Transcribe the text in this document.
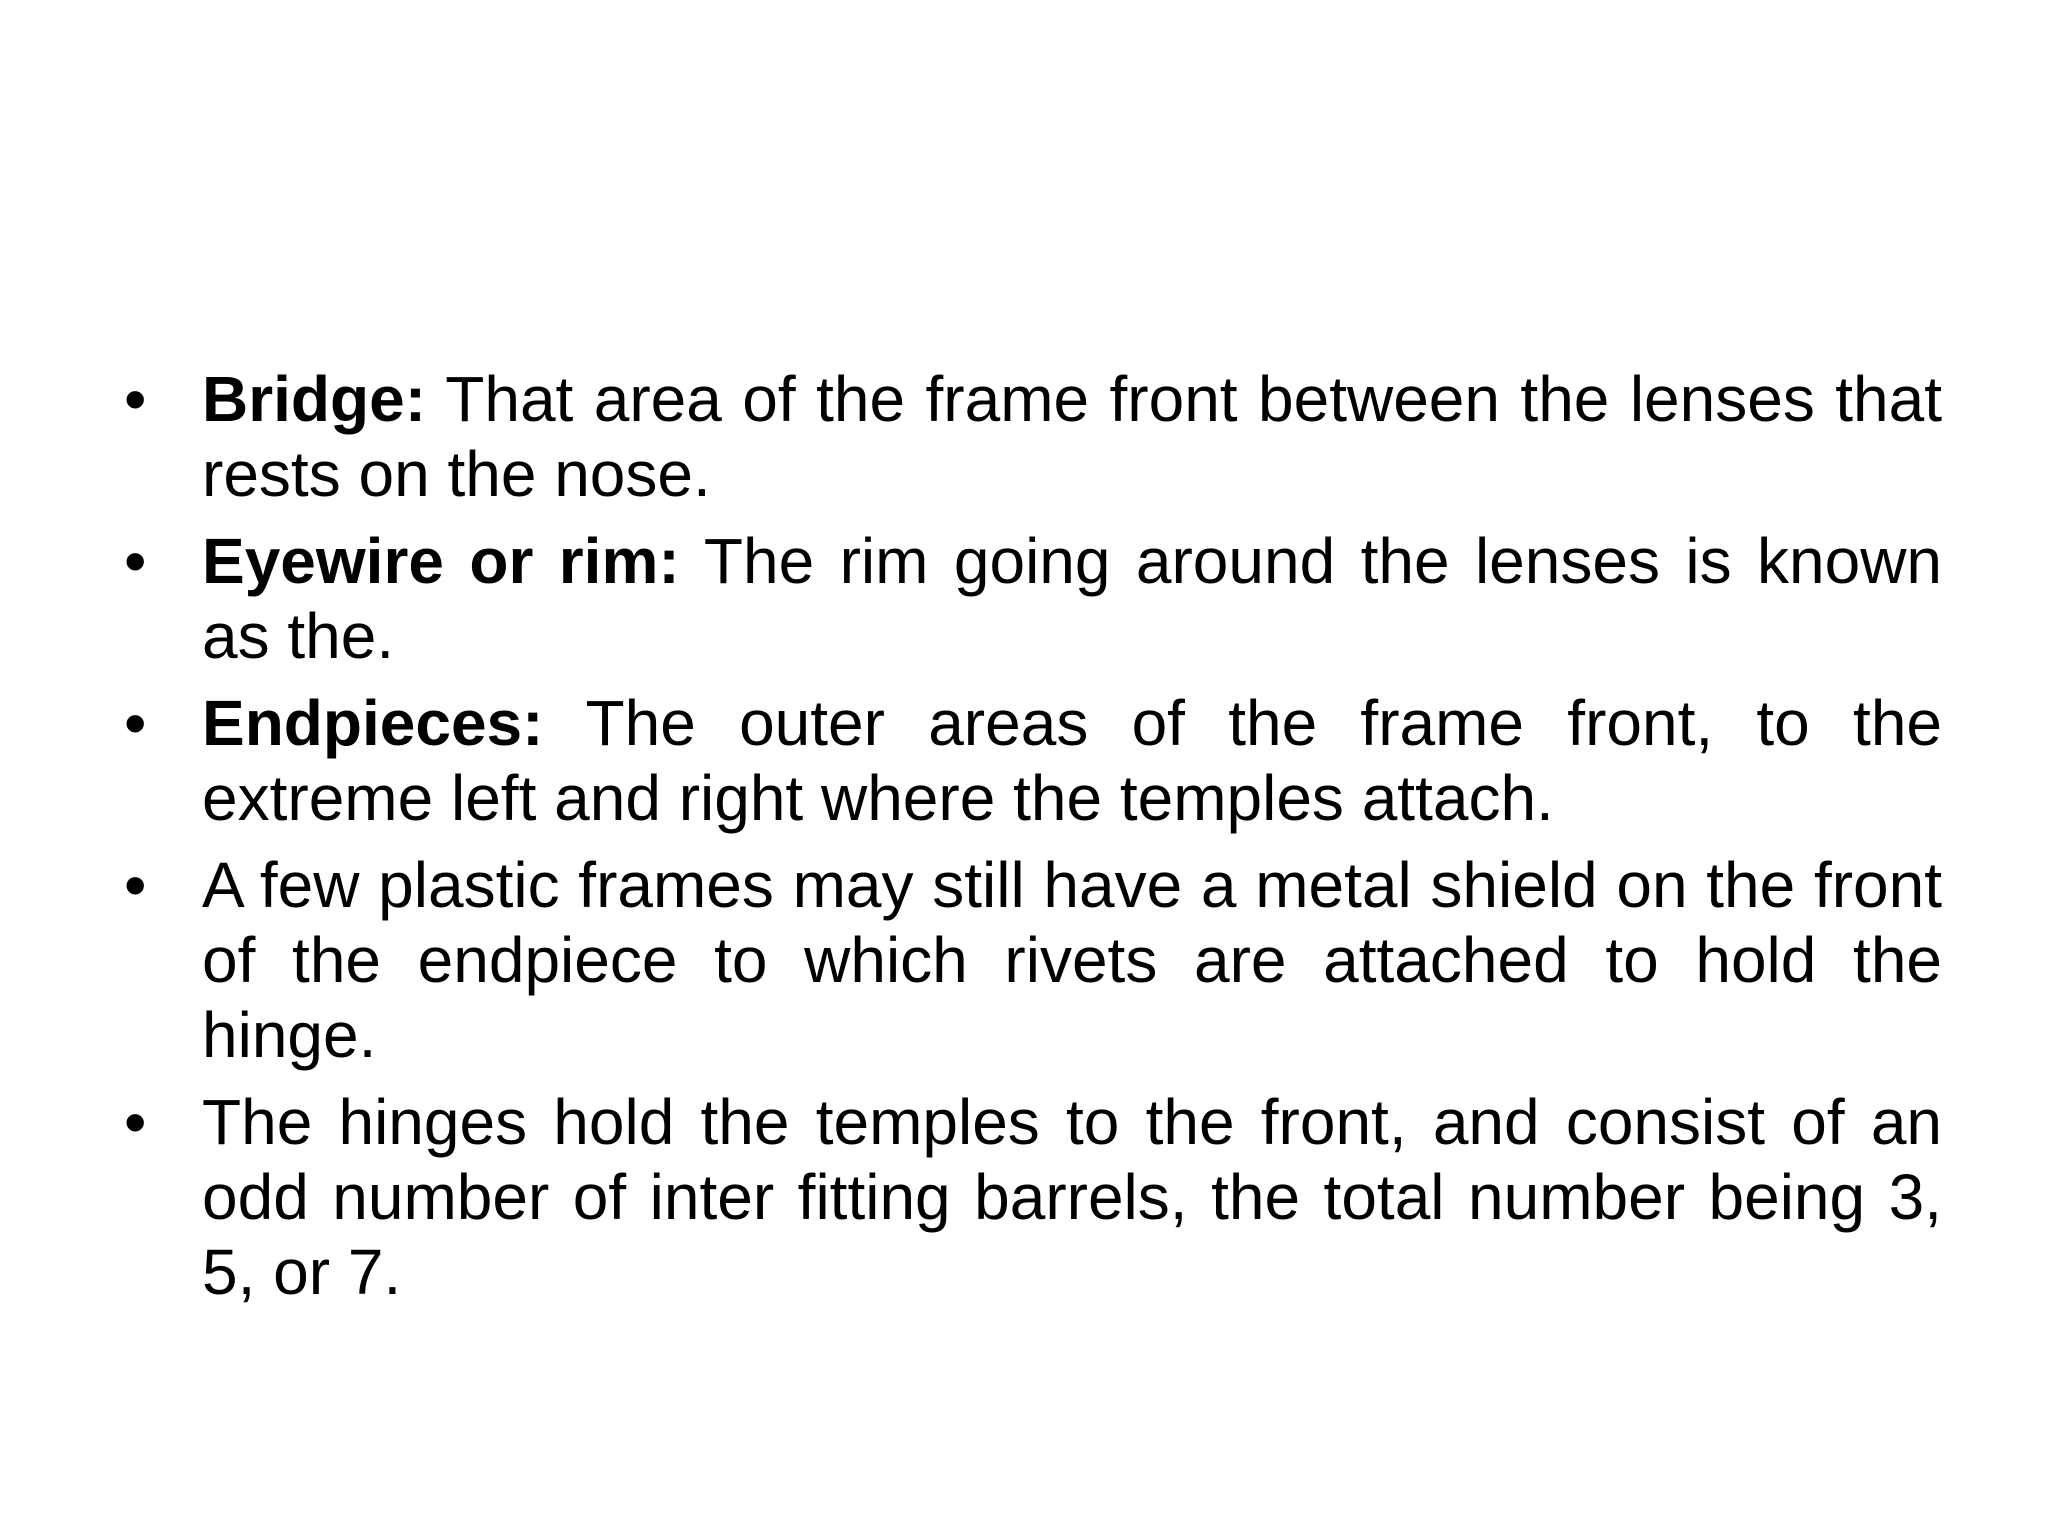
• Bridge: That area of the frame front between the lenses that rests on the nose.
• Eyewire or rim: The rim going around the lenses is known as the.
• Endpieces: The outer areas of the frame front, to the extreme left and right where the temples attach.
• A few plastic frames may still have a metal shield on the front of the endpiece to which rivets are attached to hold the hinge.
• The hinges hold the temples to the front, and consist of an odd number of inter fitting barrels, the total number being 3, 5, or 7.
